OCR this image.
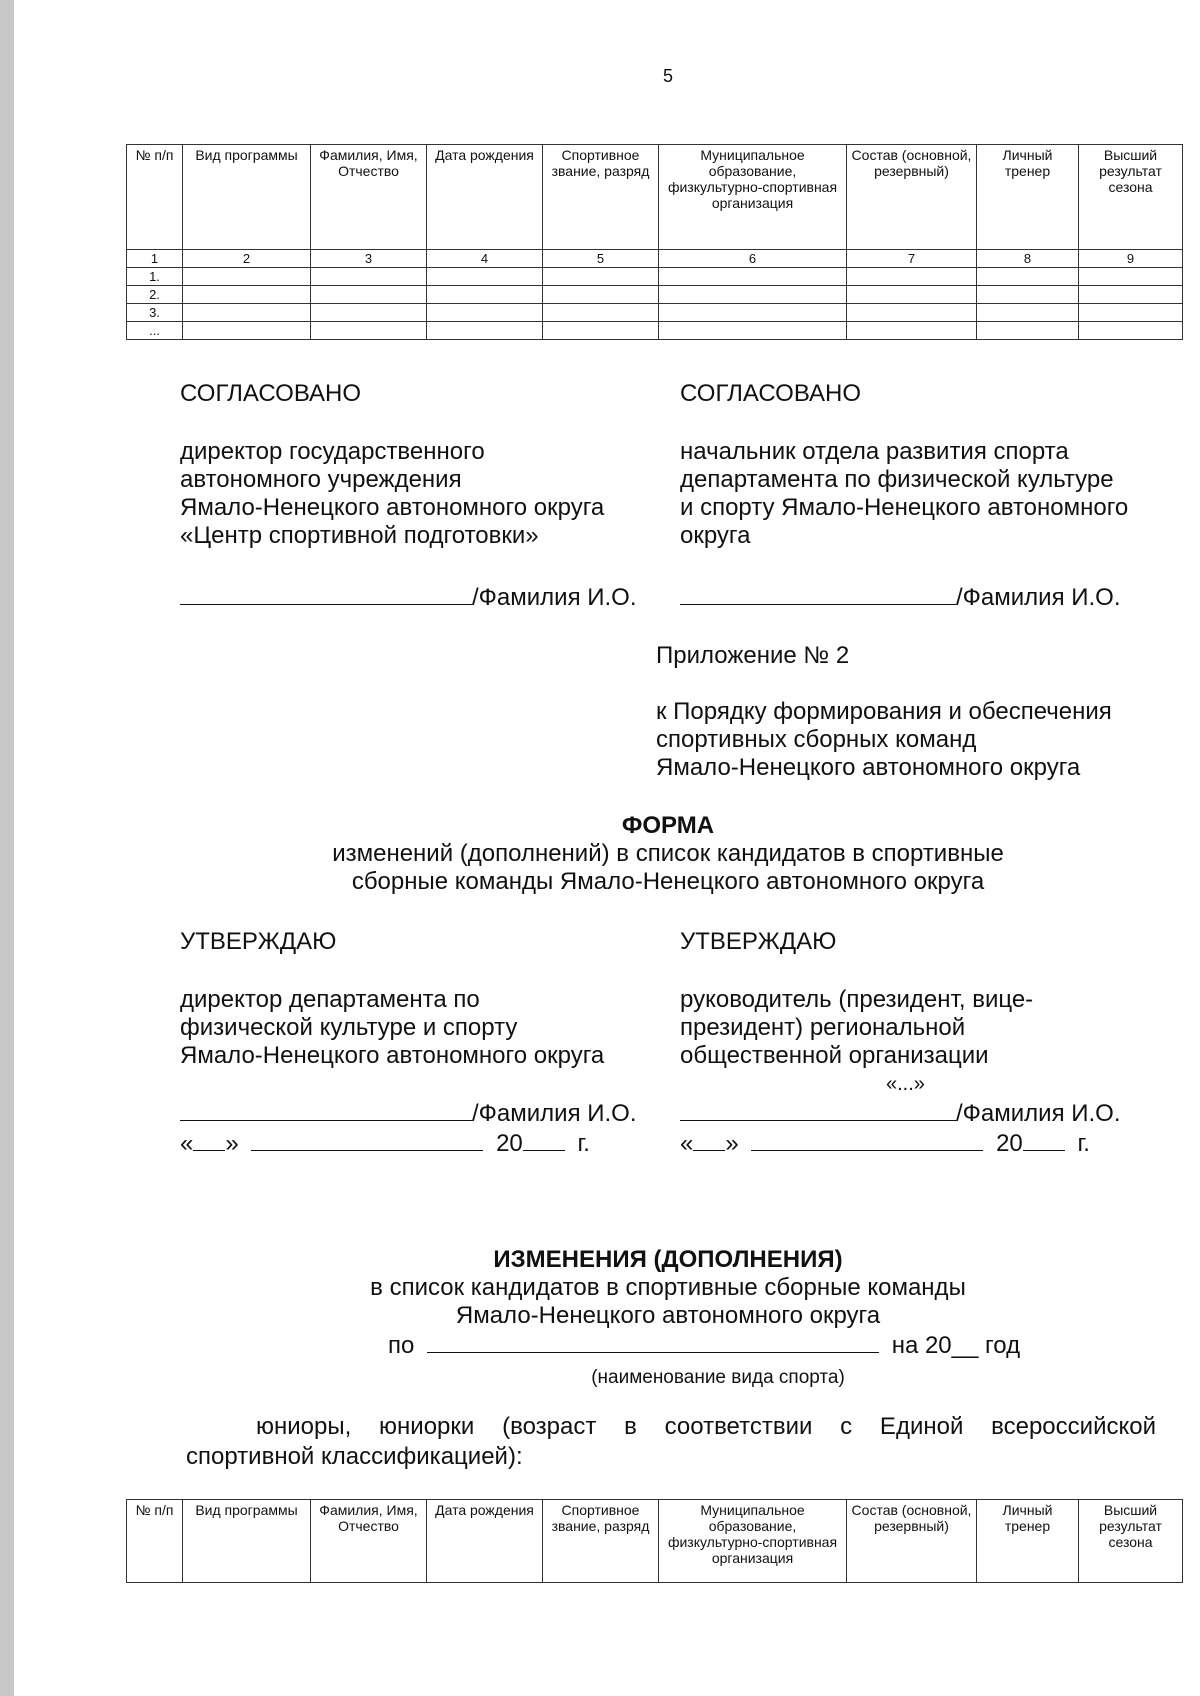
5
№ п/п	Вид программы	Фамилия, Имя, Отчество	Дата рождения	Спортивное звание, разряд	Муниципальное образование, физкультурно-спортивная организация	Состав (основной, резервный)	Личный тренер	Высший результат сезона
1	2	3	4	5	6	7	8	9
1.								
2.								
3.								
...								
СОГЛАСОВАНО

директор государственного

автономного учреждения

Ямало-Ненецкого автономного округа

«Центр спортивной подготовки»

/Фамилия И.О.
СОГЛАСОВАНО

начальник отдела развития спорта

департамента по физической культуре

и спорту Ямало-Ненецкого автономного

округа

/Фамилия И.О.
Приложение № 2

к Порядку формирования и обеспечения

спортивных сборных команд

Ямало-Ненецкого автономного округа

ФОРМА
изменений (дополнений) в список кандидатов в спортивные
сборные команды Ямало-Ненецкого автономного округа
УТВЕРЖДАЮ

директор департамента по

физической культуре и спорту

Ямало-Ненецкого автономного округа

/Фамилия И.О.
« »	20 г.
УТВЕРЖДАЮ

руководитель (президент, вице-

президент) региональной

общественной организации

«...»
/Фамилия И.О.
« »	20 г.
ИЗМЕНЕНИЯ (ДОПОЛНЕНИЯ)
в список кандидатов в спортивные сборные команды
Ямало-Ненецкого автономного округа
по	на 20__ год
(наименование вида спорта)
юниоры, юниорки (возраст в соответствии с Единой всероссийской
спортивной классификацией):
№ п/п	Вид программы	Фамилия, Имя, Отчество	Дата рождения	Спортивное звание, разряд	Муниципальное образование, физкультурно-спортивная организация	Состав (основной, резервный)	Личный тренер	Высший результат сезона
